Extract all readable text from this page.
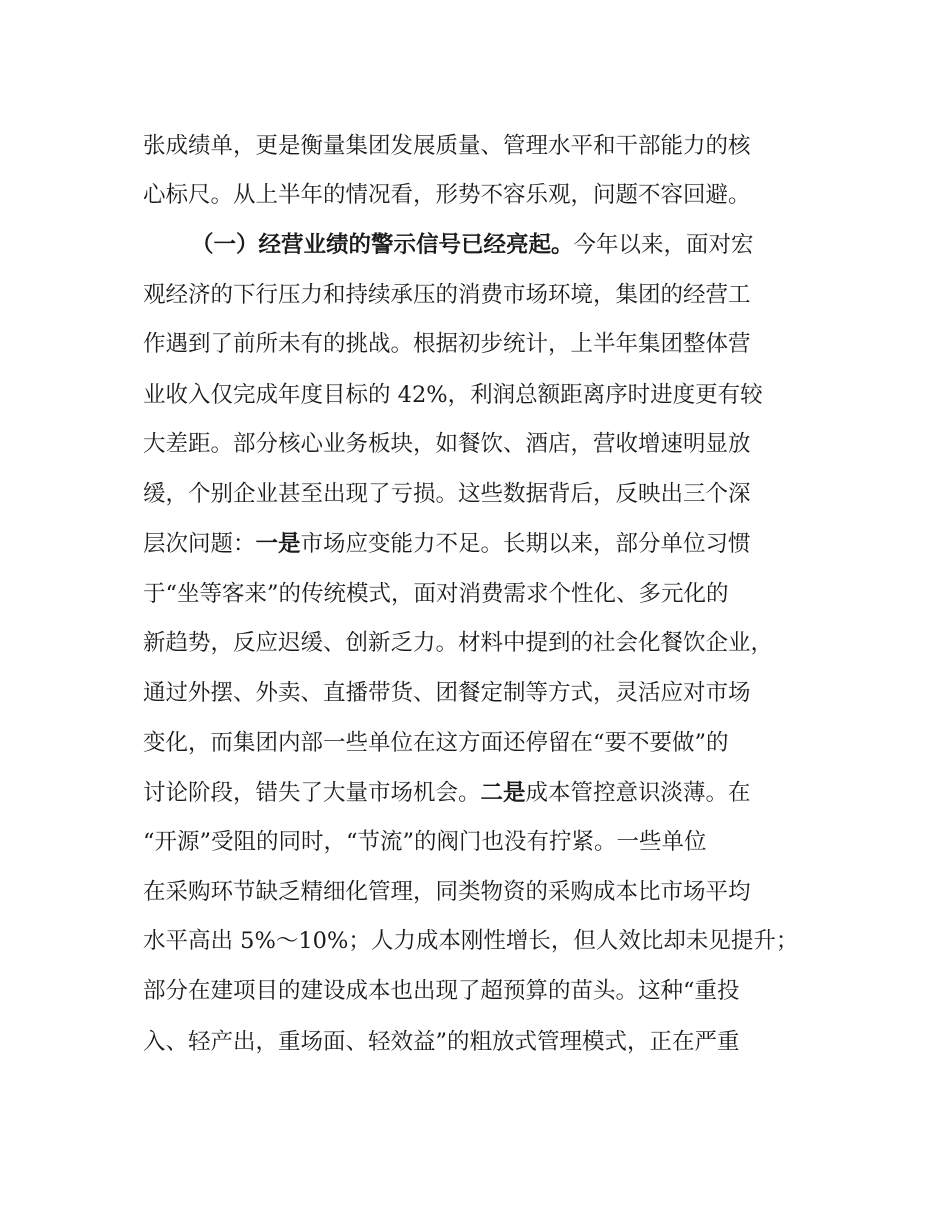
张成绩单，更是衡量集团发展质量、管理水平和干部能力的核
心标尺。从上半年的情况看，形势不容乐观，问题不容回避。
（一）经营业绩的警示信号已经亮起。今年以来，面对宏
观经济的下行压力和持续承压的消费市场环境，集团的经营工
作遇到了前所未有的挑战。根据初步统计，上半年集团整体营
业收入仅完成年度目标的 42%，利润总额距离序时进度更有较
大差距。部分核心业务板块，如餐饮、酒店，营收增速明显放
缓，个别企业甚至出现了亏损。这些数据背后，反映出三个深
层次问题：一是市场应变能力不足。长期以来，部分单位习惯
于“坐等客来”的传统模式，面对消费需求个性化、多元化的
新趋势，反应迟缓、创新乏力。材料中提到的社会化餐饮企业，
通过外摆、外卖、直播带货、团餐定制等方式，灵活应对市场
变化，而集团内部一些单位在这方面还停留在“要不要做”的
讨论阶段，错失了大量市场机会。二是成本管控意识淡薄。在
“开源”受阻的同时，“节流”的阀门也没有拧紧。一些单位
在采购环节缺乏精细化管理，同类物资的采购成本比市场平均
水平高出 5%～10%；人力成本刚性增长，但人效比却未见提升；
部分在建项目的建设成本也出现了超预算的苗头。这种“重投
入、轻产出，重场面、轻效益”的粗放式管理模式，正在严重
